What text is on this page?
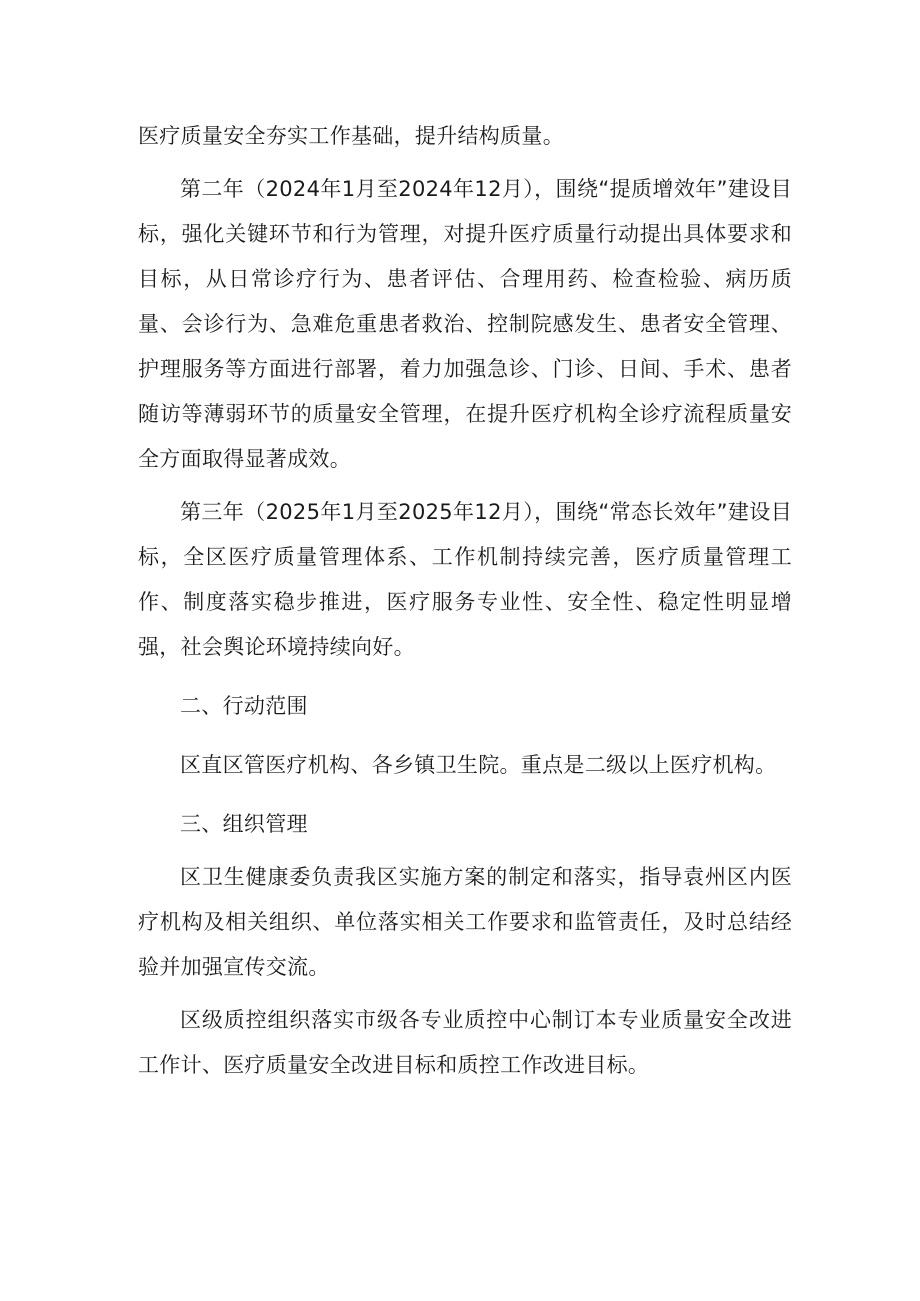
医疗质量安全夯实工作基础，提升结构质量。

第二年（2024年1月至2024年12月），围绕“提质增效年”建设目标，强化关键环节和行为管理，对提升医疗质量行动提出具体要求和目标，从日常诊疗行为、患者评估、合理用药、检查检验、病历质量、会诊行为、急难危重患者救治、控制院感发生、患者安全管理、护理服务等方面进行部署，着力加强急诊、门诊、日间、手术、患者随访等薄弱环节的质量安全管理，在提升医疗机构全诊疗流程质量安全方面取得显著成效。

第三年（2025年1月至2025年12月），围绕“常态长效年”建设目标，全区医疗质量管理体系、工作机制持续完善，医疗质量管理工作、制度落实稳步推进，医疗服务专业性、安全性、稳定性明显增强，社会舆论环境持续向好。

二、行动范围

区直区管医疗机构、各乡镇卫生院。重点是二级以上医疗机构。

三、组织管理

区卫生健康委负责我区实施方案的制定和落实，指导袁州区内医疗机构及相关组织、单位落实相关工作要求和监管责任，及时总结经验并加强宣传交流。

区级质控组织落实市级各专业质控中心制订本专业质量安全改进工作计、医疗质量安全改进目标和质控工作改进目标。
